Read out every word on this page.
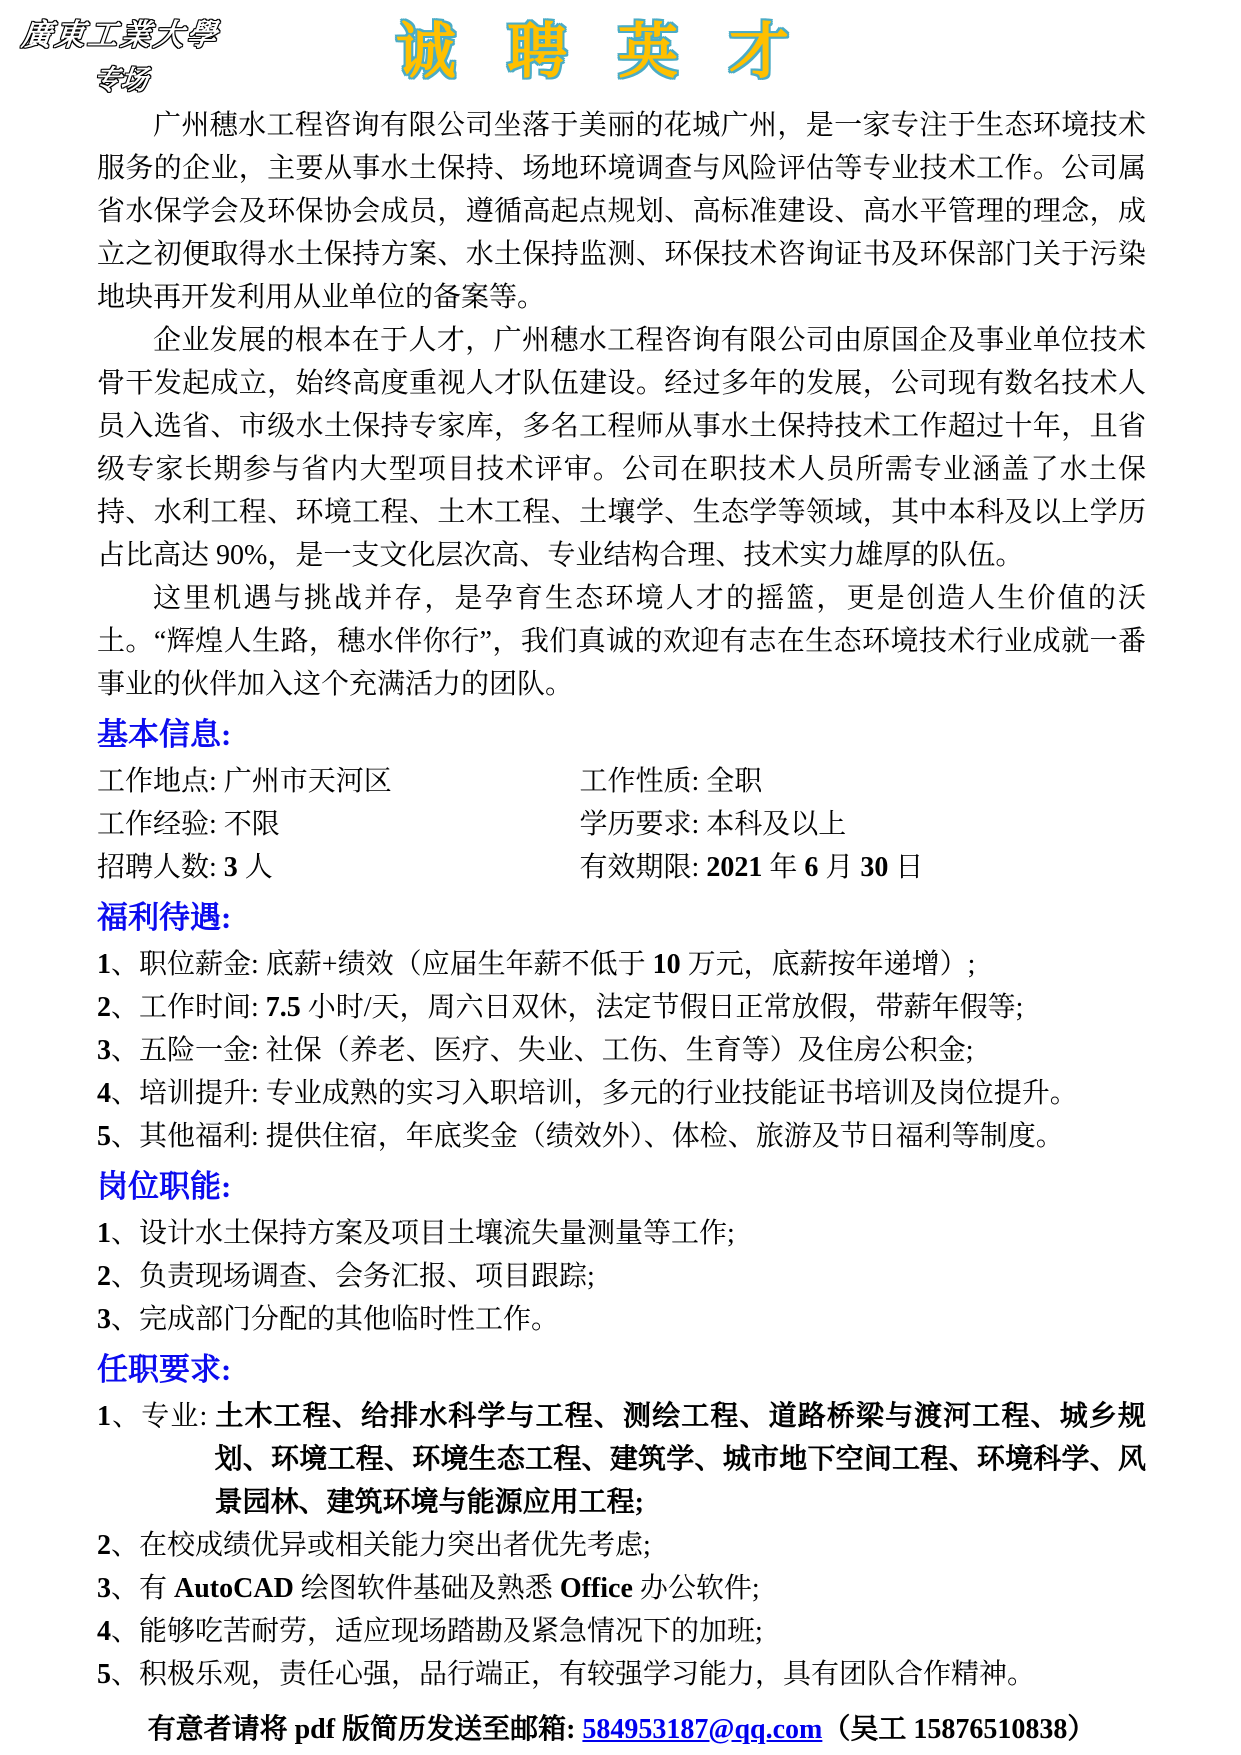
廣東工業大學
专场	诚 聘 英 才

广州穗水工程咨询有限公司坐落于美丽的花城广州，是一家专注于生态环境技术服务的企业，主要从事水土保持、场地环境调查与风险评估等专业技术工作。公司属省水保学会及环保协会成员，遵循高起点规划、高标准建设、高水平管理的理念，成立之初便取得水土保持方案、水土保持监测、环保技术咨询证书及环保部门关于污染地块再开发利用从业单位的备案等。

企业发展的根本在于人才，广州穗水工程咨询有限公司由原国企及事业单位技术骨干发起成立，始终高度重视人才队伍建设。经过多年的发展，公司现有数名技术人员入选省、市级水土保持专家库，多名工程师从事水土保持技术工作超过十年，且省级专家长期参与省内大型项目技术评审。公司在职技术人员所需专业涵盖了水土保持、水利工程、环境工程、土木工程、土壤学、生态学等领域，其中本科及以上学历占比高达 90%，是一支文化层次高、专业结构合理、技术实力雄厚的队伍。

这里机遇与挑战并存，是孕育生态环境人才的摇篮，更是创造人生价值的沃土。“辉煌人生路，穗水伴你行”，我们真诚的欢迎有志在生态环境技术行业成就一番事业的伙伴加入这个充满活力的团队。

基本信息:
工作地点: 广州市天河区	工作性质: 全职
工作经验: 不限	学历要求: 本科及以上
招聘人数: 3 人	有效期限: 2021 年 6 月 30 日
福利待遇:
1、职位薪金: 底薪+绩效（应届生年薪不低于 10 万元，底薪按年递增）;
2、工作时间: 7.5 小时/天，周六日双休，法定节假日正常放假，带薪年假等;
3、五险一金: 社保（养老、医疗、失业、工伤、生育等）及住房公积金;
4、培训提升: 专业成熟的实习入职培训，多元的行业技能证书培训及岗位提升。
5、其他福利: 提供住宿，年底奖金（绩效外）、体检、旅游及节日福利等制度。
岗位职能:
1、设计水土保持方案及项目土壤流失量测量等工作;
2、负责现场调查、会务汇报、项目跟踪;
3、完成部门分配的其他临时性工作。
任职要求:
1、专业: 土木工程、给排水科学与工程、测绘工程、道路桥梁与渡河工程、城乡规划、环境工程、环境生态工程、建筑学、城市地下空间工程、环境科学、风景园林、建筑环境与能源应用工程;
2、在校成绩优异或相关能力突出者优先考虑;
3、有 AutoCAD 绘图软件基础及熟悉 Office 办公软件;
4、能够吃苦耐劳，适应现场踏勘及紧急情况下的加班;
5、积极乐观，责任心强，品行端正，有较强学习能力，具有团队合作精神。
有意者请将 pdf 版简历发送至邮箱: 584953187@qq.com（吴工 15876510838）
